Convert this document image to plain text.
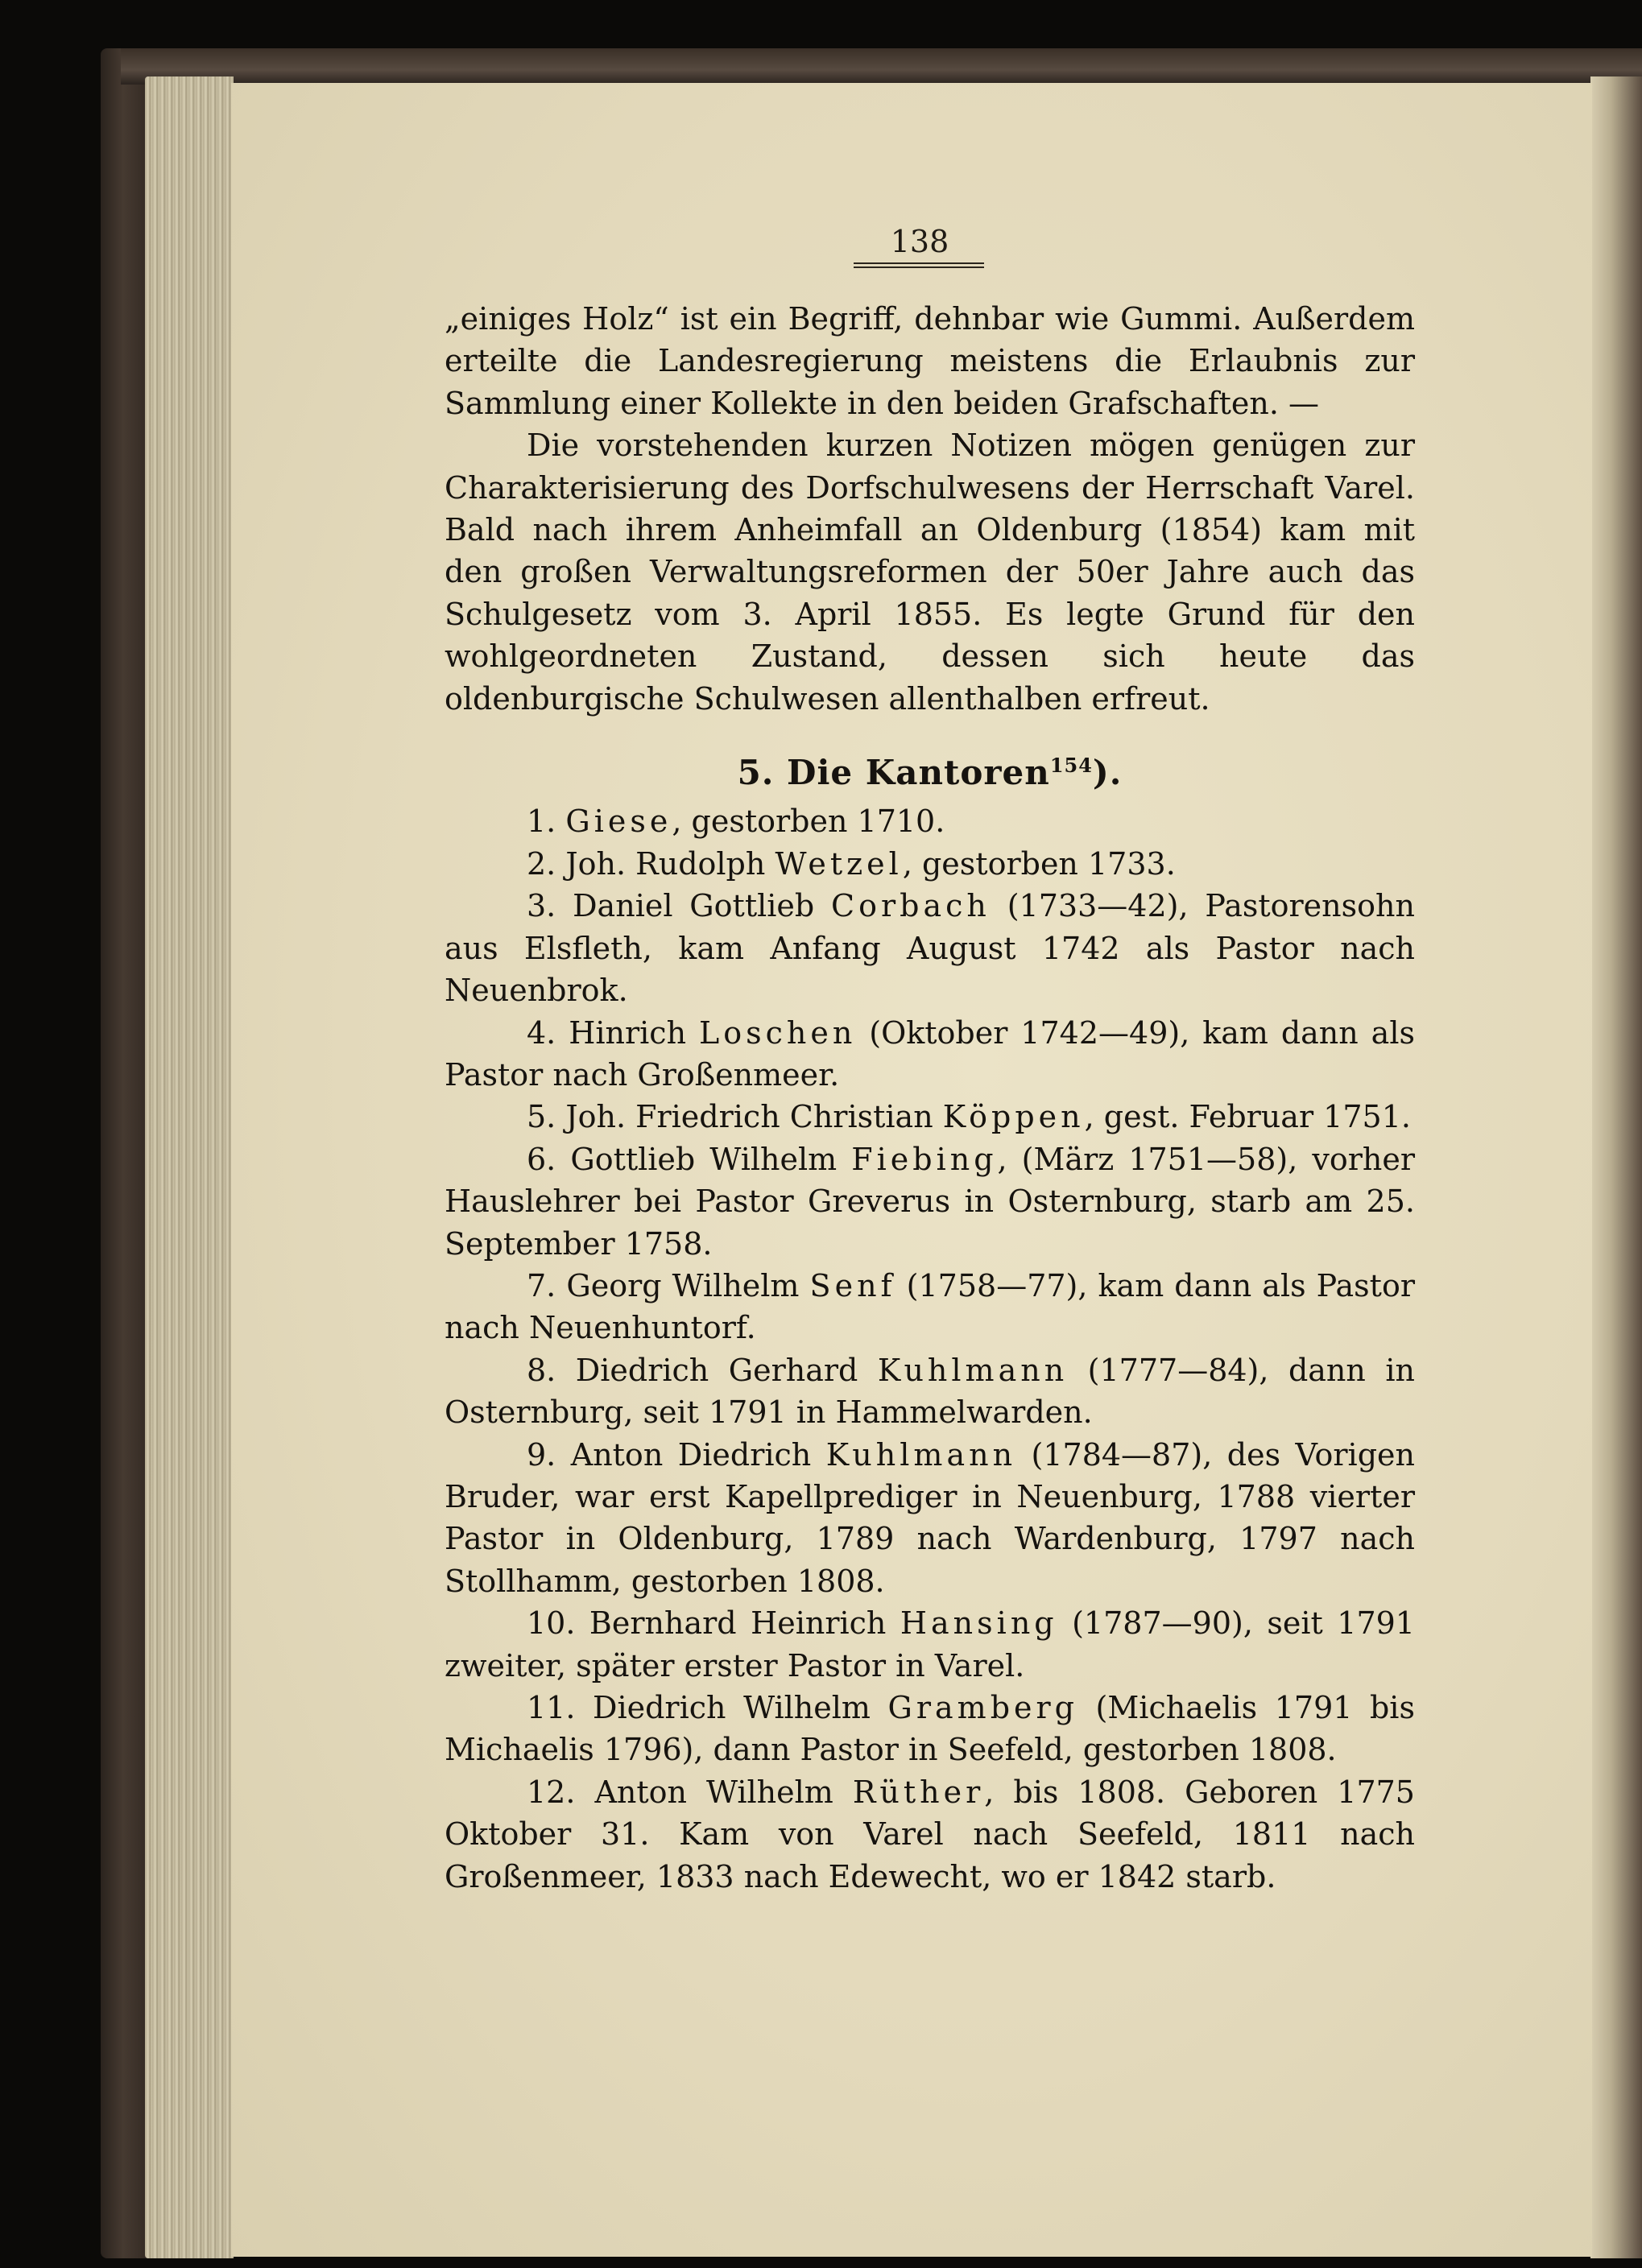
138

„einiges Holz“ ist ein Begriff, dehnbar wie Gummi. Außerdem erteilte die Landesregierung meistens die Erlaubnis zur Sammlung einer Kollekte in den beiden Grafschaften. —

Die vorstehenden kurzen Notizen mögen genügen zur Charakterisierung des Dorfschulwesens der Herrschaft Varel. Bald nach ihrem Anheimfall an Oldenburg (1854) kam mit den großen Verwaltungsreformen der 50er Jahre auch das Schulgesetz vom 3. April 1855. Es legte Grund für den wohlgeordneten Zustand, dessen sich heute das oldenburgische Schulwesen allenthalben erfreut.

5. Die Kantoren$^{154}$).

1. Giese, gestorben 1710.

2. Joh. Rudolph Wetzel, gestorben 1733.

3. Daniel Gottlieb Corbach (1733—42), Pastorensohn aus Elsfleth, kam Anfang August 1742 als Pastor nach Neuenbrok.

4. Hinrich Loschen (Oktober 1742—49), kam dann als Pastor nach Großenmeer.

5. Joh. Friedrich Christian Köppen, gest. Februar 1751.

6. Gottlieb Wilhelm Fiebing, (März 1751—58), vorher Hauslehrer bei Pastor Greverus in Osternburg, starb am 25. September 1758.

7. Georg Wilhelm Senf (1758—77), kam dann als Pastor nach Neuenhuntorf.

8. Diedrich Gerhard Kuhlmann (1777—84), dann in Osternburg, seit 1791 in Hammelwarden.

9. Anton Diedrich Kuhlmann (1784—87), des Vorigen Bruder, war erst Kapellprediger in Neuenburg, 1788 vierter Pastor in Oldenburg, 1789 nach Wardenburg, 1797 nach Stollhamm, gestorben 1808.

10. Bernhard Heinrich Hansing (1787—90), seit 1791 zweiter, später erster Pastor in Varel.

11. Diedrich Wilhelm Gramberg (Michaelis 1791 bis Michaelis 1796), dann Pastor in Seefeld, gestorben 1808.

12. Anton Wilhelm Rüther, bis 1808. Geboren 1775 Oktober 31. Kam von Varel nach Seefeld, 1811 nach Großenmeer, 1833 nach Edewecht, wo er 1842 starb.
